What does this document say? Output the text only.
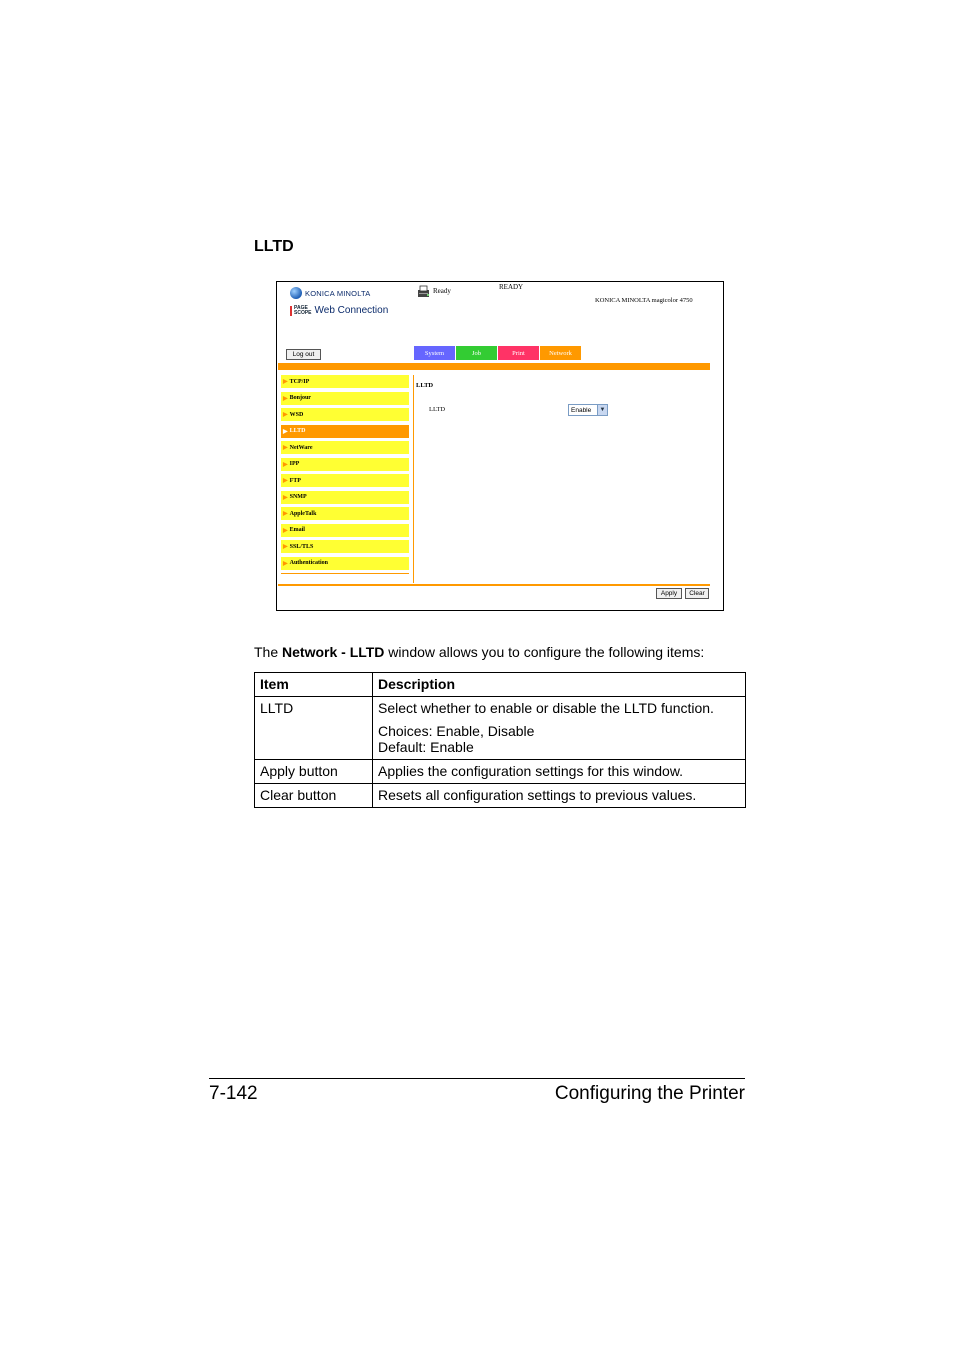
LLTD
KONICA MINOLTA
PAGE
SCOPE Web Connection
Ready	READY
KONICA MINOLTA magicolor 4750
Log out	System	Job	Print	Network
▶ TCP/IP
▶ Bonjour
▶ WSD
▶ LLTD
▶ NetWare
▶ IPP
▶ FTP
▶ SNMP
▶ AppleTalk
▶ Email
▶ SSL/TLS
▶ Authentication
LLTD
LLTD	Enable	▼
Apply	Clear

The Network - LLTD window allows you to configure the following items:

Item	Description
LLTD	Select whether to enable or disable the LLTD function.

Choices: Enable, Disable

Default: Enable

Apply button	Applies the configuration settings for this window.

Clear button	Resets all configuration settings to previous values.

7-142	Configuring the Printer
